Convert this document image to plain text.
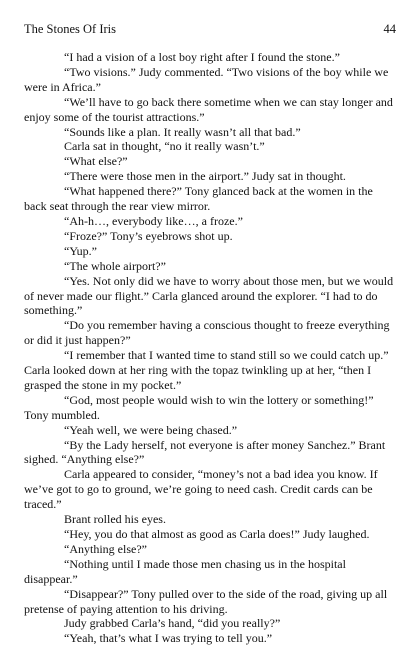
The Stones Of Iris	44

“I had a vision of a lost boy right after I found the stone.”

“Two visions.” Judy commented. “Two visions of the boy while we were in Africa.”

“We’ll have to go back there sometime when we can stay longer and enjoy some of the tourist attractions.”

“Sounds like a plan. It really wasn’t all that bad.”

Carla sat in thought, “no it really wasn’t.”

“What else?”

“There were those men in the airport.” Judy sat in thought.

“What happened there?” Tony glanced back at the women in the back seat through the rear view mirror.

“Ah-h…, everybody like…, a froze.”

“Froze?” Tony’s eyebrows shot up.

“Yup.”

“The whole airport?”

“Yes. Not only did we have to worry about those men, but we would of never made our flight.” Carla glanced around the explorer. “I had to do something.”

“Do you remember having a conscious thought to freeze everything or did it just happen?”

“I remember that I wanted time to stand still so we could catch up.” Carla looked down at her ring with the topaz twinkling up at her, “then I grasped the stone in my pocket.”

“God, most people would wish to win the lottery or something!” Tony mumbled.

“Yeah well, we were being chased.”

“By the Lady herself, not everyone is after money Sanchez.” Brant sighed. “Anything else?”

Carla appeared to consider, “money’s not a bad idea you know. If we’ve got to go to ground, we’re going to need cash. Credit cards can be traced.”

Brant rolled his eyes.

“Hey, you do that almost as good as Carla does!” Judy laughed.

“Anything else?”

“Nothing until I made those men chasing us in the hospital disappear.”

“Disappear?” Tony pulled over to the side of the road, giving up all pretense of paying attention to his driving.

Judy grabbed Carla’s hand, “did you really?”

“Yeah, that’s what I was trying to tell you.”
